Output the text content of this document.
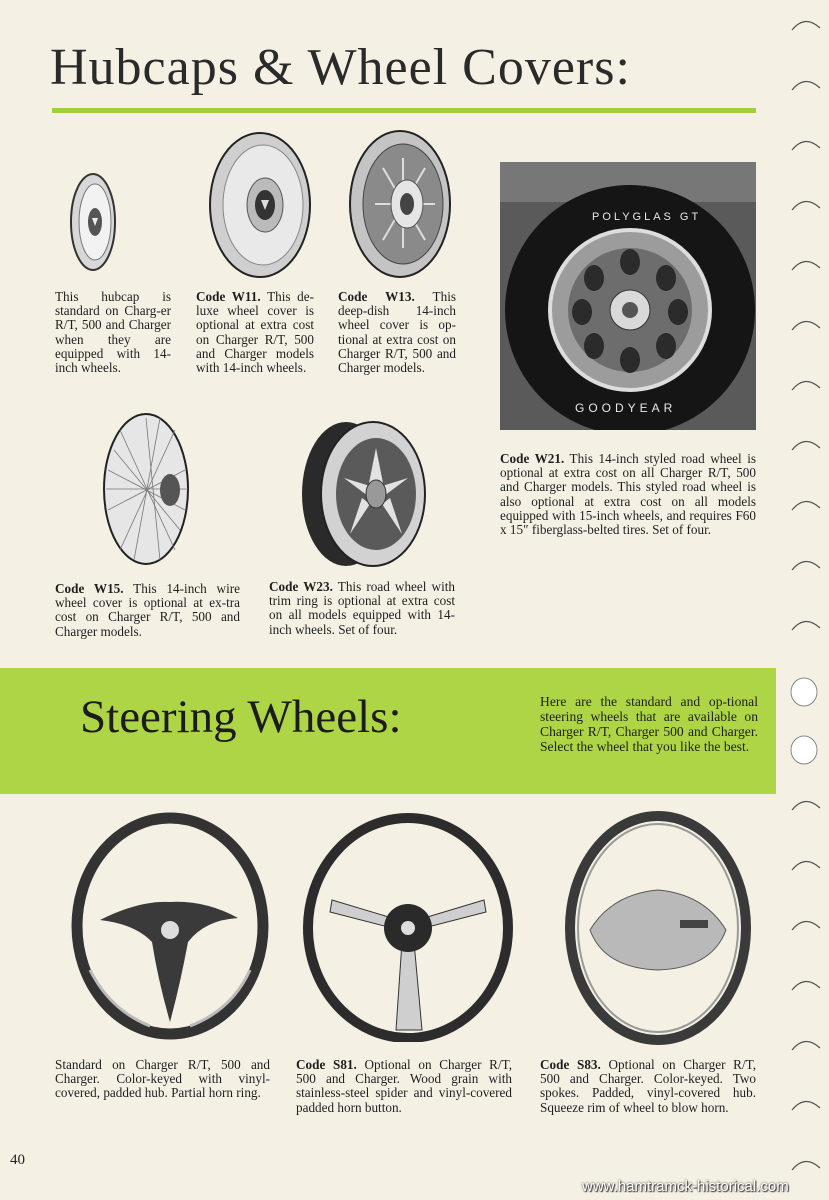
Hubcaps & Wheel Covers:
This hubcap is standard on Charg-er R/T, 500 and Charger when they are equipped with 14-inch wheels.
Code W11. This de-luxe wheel cover is optional at extra cost on Charger R/T, 500 and Charger models with 14-inch wheels.
Code W13. This deep-dish 14-inch wheel cover is op-tional at extra cost on Charger R/T, 500 and Charger models.
POLYGLAS GT
GOODYEAR
Code W21. This 14-inch styled road wheel is optional at extra cost on all Charger R/T, 500 and Charger models. This styled road wheel is also optional at extra cost on all models equipped with 15-inch wheels, and requires F60 x 15″ fiberglass-belted tires. Set of four.
Code W15. This 14-inch wire wheel cover is optional at ex-tra cost on Charger R/T, 500 and Charger models.
Code W23. This road wheel with trim ring is optional at extra cost on all models equipped with 14-inch wheels. Set of four.
Steering Wheels:	Here are the standard and op-tional steering wheels that are available on Charger R/T, Charger 500 and Charger. Select the wheel that you like the best.
Standard on Charger R/T, 500 and Charger. Color-keyed with vinyl-covered, padded hub. Partial horn ring.
Code S81. Optional on Charger R/T, 500 and Charger. Wood grain with stainless-steel spider and vinyl-covered padded horn button.
Code S83. Optional on Charger R/T, 500 and Charger. Color-keyed. Two spokes. Padded, vinyl-covered hub. Squeeze rim of wheel to blow horn.
40
www.hamtramck-historical.com
